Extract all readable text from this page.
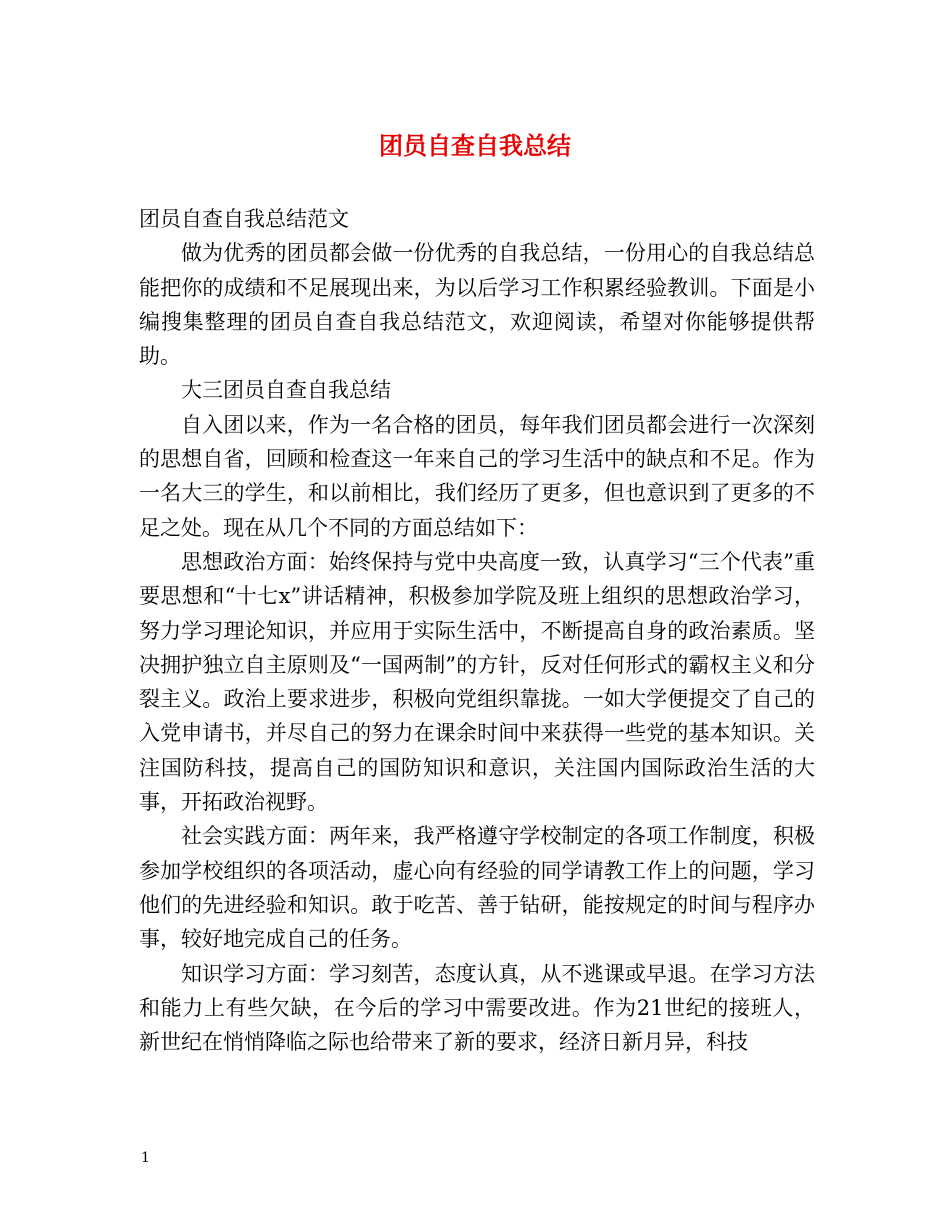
团员自查自我总结

团员自查自我总结范文

做为优秀的团员都会做一份优秀的自我总结，一份用心的自我总结总能把你的成绩和不足展现出来，为以后学习工作积累经验教训。下面是小编搜集整理的团员自查自我总结范文，欢迎阅读，希望对你能够提供帮助。

大三团员自查自我总结

自入团以来，作为一名合格的团员，每年我们团员都会进行一次深刻的思想自省，回顾和检查这一年来自己的学习生活中的缺点和不足。作为一名大三的学生，和以前相比，我们经历了更多，但也意识到了更多的不足之处。现在从几个不同的方面总结如下：

思想政治方面：始终保持与党中央高度一致，认真学习“三个代表”重要思想和“十七x”讲话精神，积极参加学院及班上组织的思想政治学习，努力学习理论知识，并应用于实际生活中，不断提高自身的政治素质。坚决拥护独立自主原则及“一国两制”的方针，反对任何形式的霸权主义和分裂主义。政治上要求进步，积极向党组织靠拢。一如大学便提交了自己的入党申请书，并尽自己的努力在课余时间中来获得一些党的基本知识。关注国防科技，提高自己的国防知识和意识，关注国内国际政治生活的大事，开拓政治视野。

社会实践方面：两年来，我严格遵守学校制定的各项工作制度，积极参加学校组织的各项活动，虚心向有经验的同学请教工作上的问题，学习他们的先进经验和知识。敢于吃苦、善于钻研，能按规定的时间与程序办事，较好地完成自己的任务。

知识学习方面：学习刻苦，态度认真，从不逃课或早退。在学习方法和能力上有些欠缺，在今后的学习中需要改进。作为21世纪的接班人，新世纪在悄悄降临之际也给带来了新的要求，经济日新月异，科技

1
